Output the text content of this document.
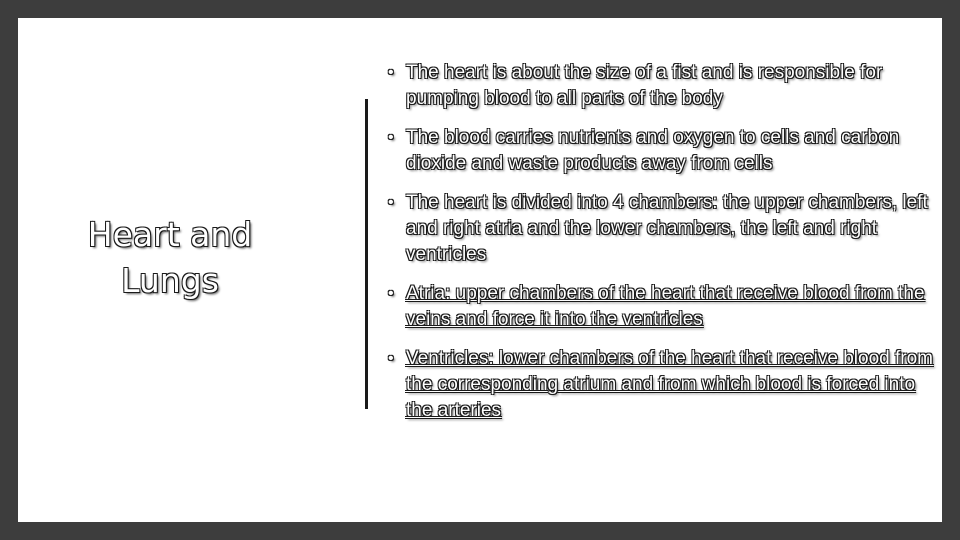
Heart and Lungs
• The heart is about the size of a fist and is responsible for pumping blood to all parts of the body
• The blood carries nutrients and oxygen to cells and carbon dioxide and waste products away from cells
• The heart is divided into 4 chambers: the upper chambers, left and right atria and the lower chambers, the left and right ventricles
• Atria: upper chambers of the heart that receive blood from the veins and force it into the ventricles
• Ventricles: lower chambers of the heart that receive blood from the corresponding atrium and from which blood is forced into the arteries
